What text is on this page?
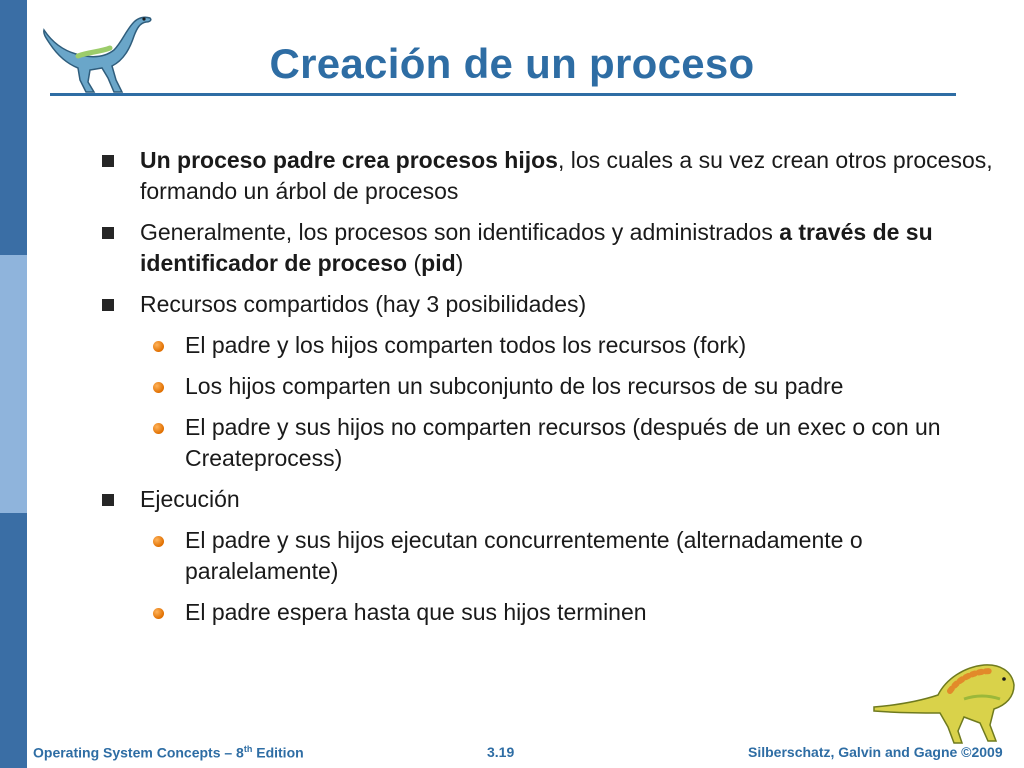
Creación de un proceso
Un proceso padre crea procesos hijos, los cuales a su vez crean otros procesos, formando un árbol de procesos
Generalmente, los procesos son identificados y administrados a través de su identificador de proceso (pid)
Recursos compartidos (hay 3 posibilidades)
El padre y los hijos comparten todos los recursos (fork)
Los hijos comparten un subconjunto de los recursos de su padre
El padre y sus hijos no comparten recursos (después de un exec o con un Createprocess)
Ejecución
El padre y sus hijos ejecutan concurrentemente (alternadamente o paralelamente)
El padre espera hasta que sus hijos terminen
Operating System Concepts – 8th Edition	3.19	Silberschatz, Galvin and Gagne ©2009
